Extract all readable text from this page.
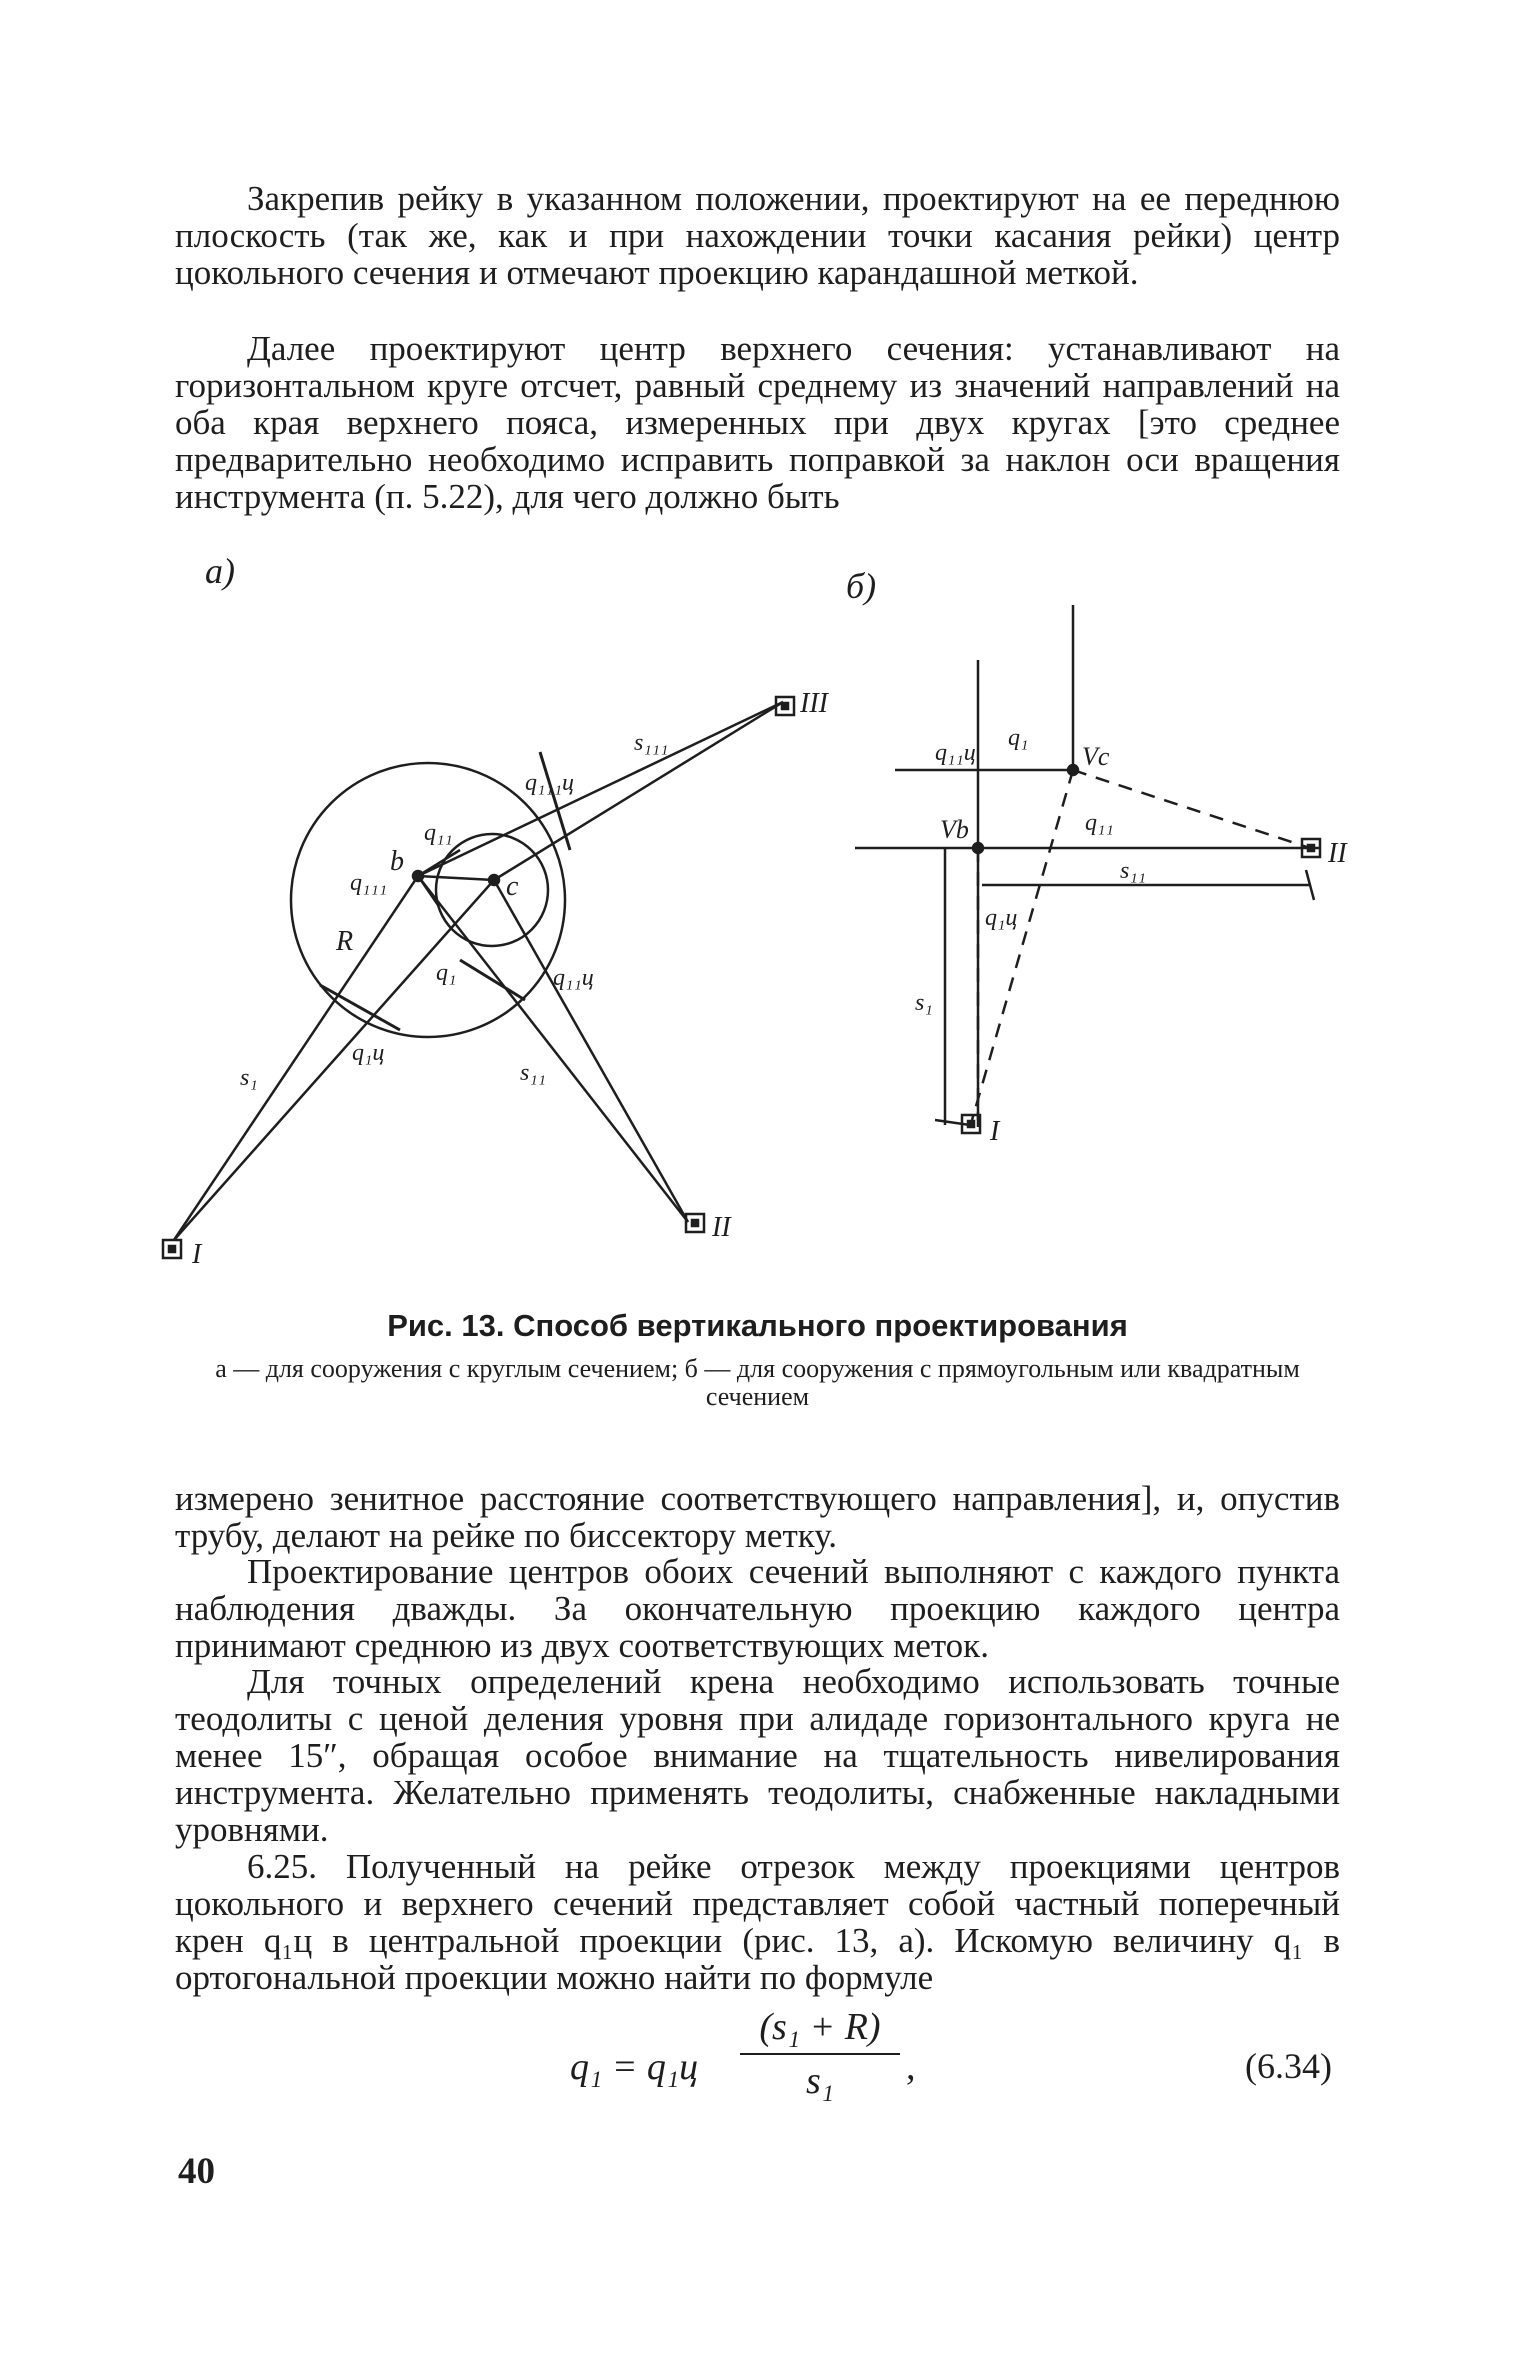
Закрепив рейку в указанном положении, проектируют на ее переднюю плоскость (так же, как и при нахождении точки касания рейки) центр цокольного сечения и отмечают проекцию карандашной меткой.

Далее проектируют центр верхнего сечения: устанавливают на горизонтальном круге отсчет, равный среднему из значений направлений на оба края верхнего пояса, измеренных при двух кругах [это среднее предварительно необходимо исправить поправкой за наклон оси вращения инструмента (п. 5.22), для чего должно быть

а)
I
II
III
b
c
R
s₁	s₁₁
s₁₁₁
q₁
q₁₁
q₁₁₁
q₁ц
q₁₁ц
q₁₁₁ц
б)
II
I
Vc
Vb
q₁
q₁₁
q₁ц
q₁₁ц
s₁₁
s₁

Рис. 13. Способ вертикального проектирования

а — для сооружения с круглым сечением; б — для сооружения с прямоугольным или квадратным сечением

измерено зенитное расстояние соответствующего направления], и, опустив трубу, делают на рейке по биссектору метку.

Проектирование центров обоих сечений выполняют с каждого пункта наблюдения дважды. За окончательную проекцию каждого центра принимают среднюю из двух соответствующих меток.

Для точных определений крена необходимо использовать точные теодолиты с ценой деления уровня при алидаде горизонтального круга не менее 15″, обращая особое внимание на тщательность нивелирования инструмента. Желательно применять теодолиты, снабженные накладными уровнями.

6.25. Полученный на рейке отрезок между проекциями центров цокольного и верхнего сечений представляет собой частный поперечный крен q₁ц в центральной проекции (рис. 13, а). Искомую величину q₁ в ортогональной проекции можно найти по формуле

$q_1 = q_1ц \frac{\text{(s₁ + R)}}{\text{s₁}}$ ,	(6.34)
40
